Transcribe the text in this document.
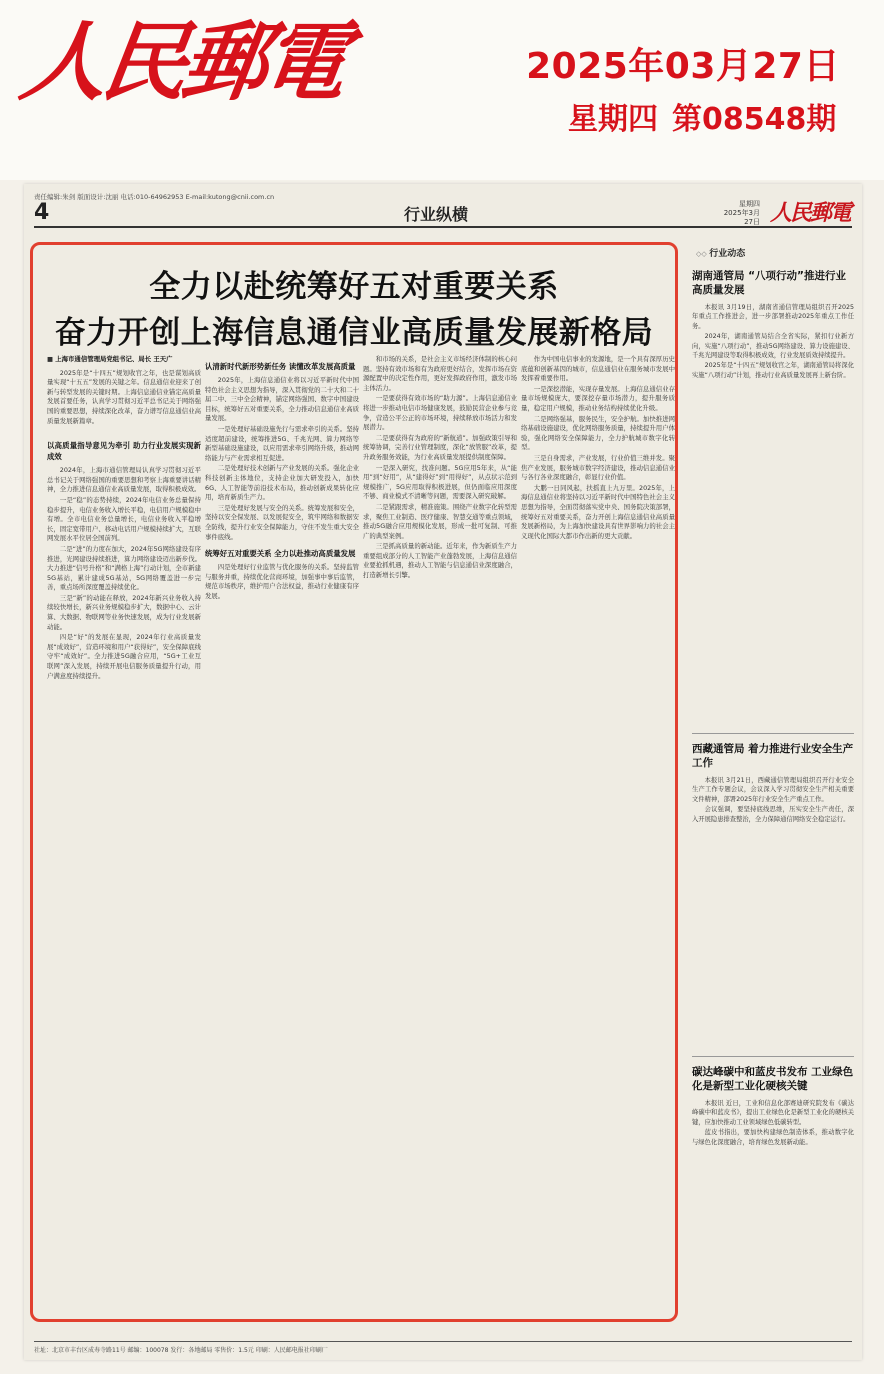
人民郵電	2025年03月27日
星期四 第08548期
责任编辑:朱剑 版面设计:沈丽 电话:010-64962953 E-mail:kutong@cnii.com.cn
4	行业纵横
星期四
2025年3月27日 人民郵電
全力以赴统筹好五对重要关系
奋力开创上海信息通信业高质量发展新格局

■ 上海市通信管理局党组书记、局长 王天广

2025年是“十四五”规划收官之年，也是谋划高质量实现“十五五”发展的关键之年。信息通信业迎来了创新与转型发展的关键时期。上海信息通信业锚定高质量发展首要任务，认真学习贯彻习近平总书记关于网络强国的重要思想，持续深化改革，奋力谱写信息通信业高质量发展新篇章。

以高质量指导意见为牵引 助力行业发展实现新成效

2024年，上海市通信管理局认真学习贯彻习近平总书记关于网络强国的重要思想和考察上海重要讲话精神，全力推进信息通信业高质量发展，取得积极成效。

一是“稳”的态势持续，2024年电信业务总量保持稳步提升，电信业务收入增长平稳，电信用户规模稳中有增。全市电信业务总量增长，电信业务收入平稳增长，固定宽带用户、移动电话用户规模持续扩大，互联网发展水平位居全国前列。

二是“进”的力度在加大，2024年5G网络建设有序推进，光网建设持续推进，算力网络建设迈出新步伐。大力推进“信号升格”和“满格上海”行动计划，全市新建5G基站，累计建成5G基站，5G网络覆盖进一步完善，重点场所深度覆盖持续优化。

三是“新”的动能在释放，2024年新兴业务收入持续较快增长，新兴业务规模稳步扩大，数据中心、云计算、大数据、物联网等业务快速发展，成为行业发展新动能。

四是“好”的发展在显现，2024年行业高质量发展“成效好”，营造环境和用户“获得好”，安全保障底线守牢“成效好”。全力推进5G融合应用，“5G+工业互联网”深入发展，持续开展电信服务质量提升行动，用户满意度持续提升。

认清新时代新形势新任务 读懂改革发展高质量

2025年，上海信息通信业将以习近平新时代中国特色社会主义思想为指导，深入贯彻党的二十大和二十届二中、三中全会精神，锚定网络强国、数字中国建设目标，统筹好五对重要关系，全力推动信息通信业高质量发展。

一是处理好基础设施先行与需求牵引的关系。坚持适度超前建设，统筹推进5G、千兆光网、算力网络等新型基础设施建设，以应用需求牵引网络升级，推动网络能力与产业需求相互促进。

二是处理好技术创新与产业发展的关系。强化企业科技创新主体地位，支持企业加大研发投入，加快6G、人工智能等前沿技术布局，推动创新成果转化应用，培育新质生产力。

三是处理好发展与安全的关系。统筹发展和安全，坚持以安全保发展、以发展促安全，筑牢网络和数据安全防线，提升行业安全保障能力，守住不发生重大安全事件底线。

统筹好五对重要关系 全力以赴推动高质量发展

四是处理好行业监管与优化服务的关系。坚持监管与服务并重，持续优化营商环境，加强事中事后监管，规范市场秩序，维护用户合法权益，推动行业健康有序发展。

和市场的关系，是社会主义市场经济体制的核心问题。坚持有效市场和有为政府更好结合，发挥市场在资源配置中的决定性作用，更好发挥政府作用，激发市场主体活力。

一是要获得有效市场的“助力源”。上海信息通信业将进一步推动电信市场健康发展，鼓励民营企业参与竞争，营造公平公正的市场环境，持续释放市场活力和发展潜力。

二是要获得有为政府的“新航道”。加强政策引导和统筹协调，完善行业管理制度，深化“放管服”改革，提升政务服务效能，为行业高质量发展提供制度保障。

一是深入研究，找准问题。5G应用5年来，从“能用”到“好用”，从“建得好”到“用得好”，从点状示范到规模推广，5G应用取得积极进展，但仍面临应用深度不够、商业模式不清晰等问题，需要深入研究破解。

二是紧跟需求，精准施策。围绕产业数字化转型需求，聚焦工业制造、医疗健康、智慧交通等重点领域，推动5G融合应用规模化发展，形成一批可复制、可推广的典型案例。

三是抓高质量的新动能。近年来，作为新质生产力重要组成部分的人工智能产业蓬勃发展，上海信息通信业要抢抓机遇，推动人工智能与信息通信业深度融合，打造新增长引擎。

作为中国电信事业的发源地，是一个具有深厚历史底蕴和创新基因的城市，信息通信业在服务城市发展中发挥着重要作用。

一是深挖潜能，实现存量发展。上海信息通信业存量市场规模庞大，要深挖存量市场潜力，提升服务质量，稳定用户规模，推动业务结构持续优化升级。

二是网络强基，服务民生，安全护航。加快推进网络基础设施建设，优化网络服务质量，持续提升用户体验，强化网络安全保障能力，全力护航城市数字化转型。

三是自身需求，产业发展，行业价值三维并发。聚焦产业发展，服务城市数字经济建设，推动信息通信业与各行各业深度融合，彰显行业价值。

大鹏一日同风起，扶摇直上九万里。2025年，上海信息通信业将坚持以习近平新时代中国特色社会主义思想为指导，全面贯彻落实党中央、国务院决策部署，统筹好五对重要关系，奋力开创上海信息通信业高质量发展新格局，为上海加快建设具有世界影响力的社会主义现代化国际大都市作出新的更大贡献。

◇◇ 行业动态
湖南通管局 “八项行动”推进行业高质量发展

本报讯 3月19日，湖南省通信管理局组织召开2025年重点工作推进会，进一步部署推动2025年重点工作任务。

2024年，湖南通管局结合全省实际，紧扣行业新方向，实施“八项行动”，推动5G网络建设、算力设施建设、千兆光网建设等取得积极成效，行业发展质效持续提升。

2025年是“十四五”规划收官之年，湖南通管局将深化实施“八项行动”计划，推动行业高质量发展再上新台阶。

西藏通管局 着力推进行业安全生产工作

本报讯 3月21日，西藏通信管理局组织召开行业安全生产工作专题会议，会议深入学习贯彻安全生产相关重要文件精神，部署2025年行业安全生产重点工作。

会议强调，要坚持底线思维，压实安全生产责任，深入开展隐患排查整治，全力保障通信网络安全稳定运行。

碳达峰碳中和蓝皮书发布 工业绿色化是新型工业化硬核关键

本报讯 近日，工业和信息化部赛迪研究院发布《碳达峰碳中和蓝皮书》，提出工业绿色化是新型工业化的硬核关键，应加快推动工业领域绿色低碳转型。

蓝皮书指出，要加快构建绿色制造体系，推动数字化与绿色化深度融合，培育绿色发展新动能。

社址：北京市丰台区成寿寺路11号 邮编：100078 发行：各地邮局 零售价：1.5元 印刷：人民邮电报社印刷厂
